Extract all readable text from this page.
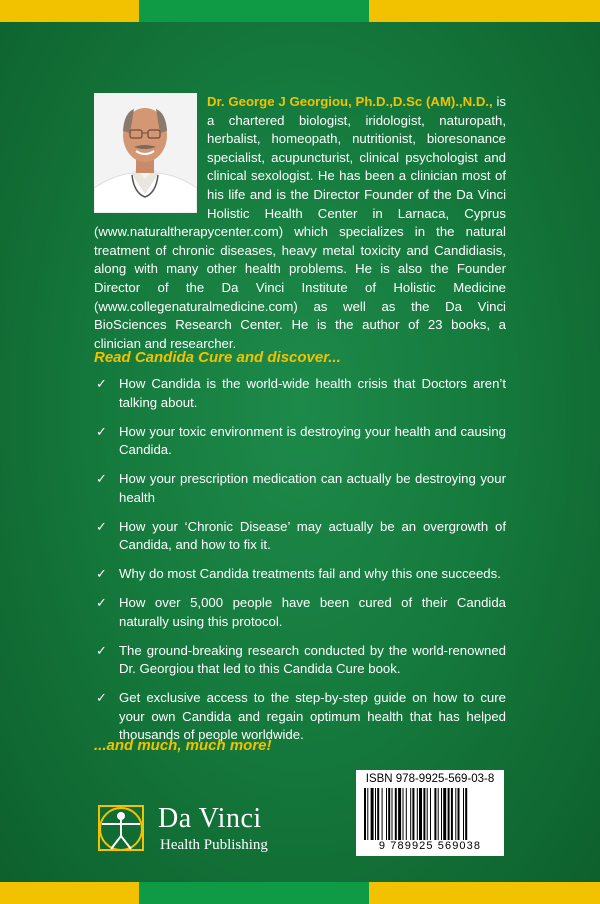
Dr. George J Georgiou, Ph.D.,D.Sc (AM).,N.D., is a chartered biologist, iridologist, naturopath, herbalist, homeopath, nutritionist, bioresonance specialist, acupuncturist, clinical psychologist and clinical sexologist. He has been a clinician most of his life and is the Director Founder of the Da Vinci Holistic Health Center in Larnaca, Cyprus (www.naturaltherapycenter.com) which specializes in the natural treatment of chronic diseases, heavy metal toxicity and Candidiasis, along with many other health problems. He is also the Founder Director of the Da Vinci Institute of Holistic Medicine (www.collegenaturalmedicine.com) as well as the Da Vinci BioSciences Research Center. He is the author of 23 books, a clinician and researcher.
Read Candida Cure and discover...
✓ How Candida is the world-wide health crisis that Doctors aren’t talking about.
✓ How your toxic environment is destroying your health and causing Candida.
✓ How your prescription medication can actually be destroying your health
✓ How your ‘Chronic Disease’ may actually be an overgrowth of Candida, and how to fix it.
✓ Why do most Candida treatments fail and why this one succeeds.
✓ How over 5,000 people have been cured of their Candida naturally using this protocol.
✓ The ground-breaking research conducted by the world-renowned Dr. Georgiou that led to this Candida Cure book.
✓ Get exclusive access to the step-by-step guide on how to cure your own Candida and regain optimum health that has helped thousands of people worldwide.
...and much, much more!
Da Vinci
Health Publishing
ISBN 978-9925-569-03-8
9 789925 569038
